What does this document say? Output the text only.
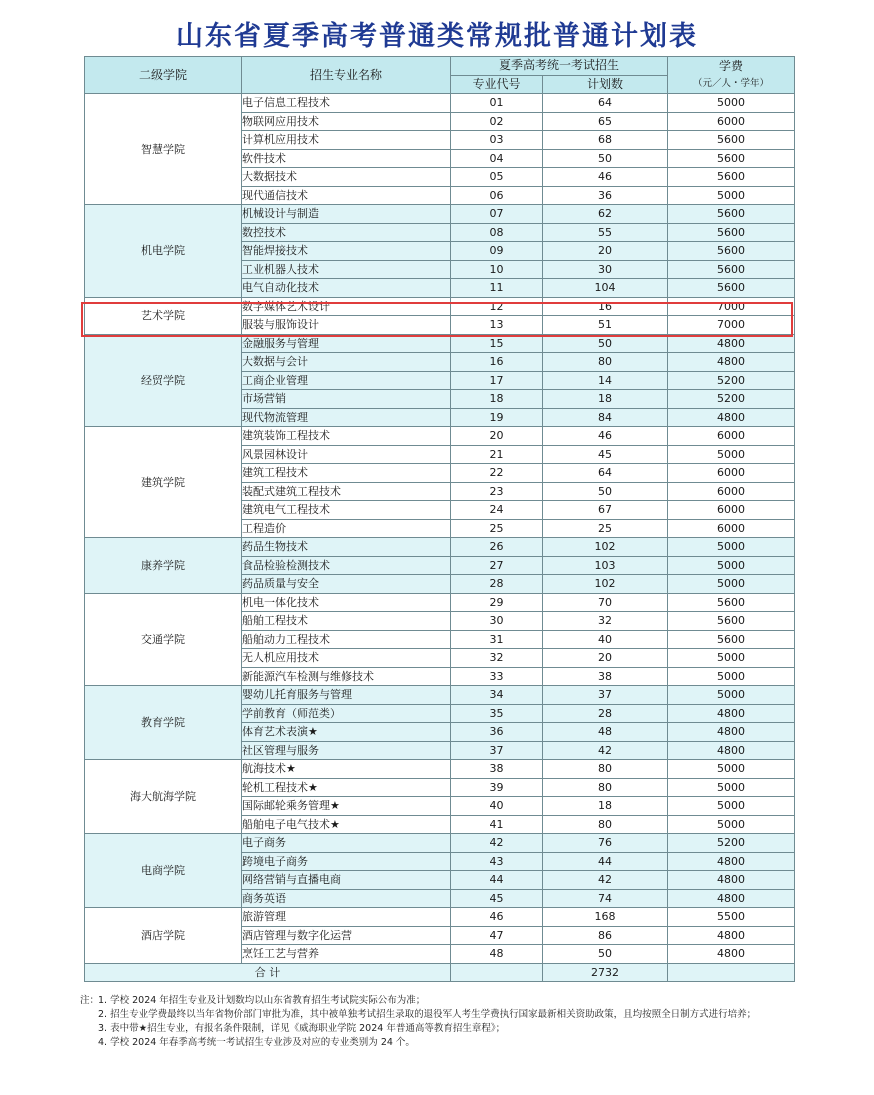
山东省夏季高考普通类常规批普通计划表
二级学院	招生专业名称	夏季高考统一考试招生		学费
（元／人・学年）

		专业代号	计划数	
智慧学院	电子信息工程技术	01	64	5000
	物联网应用技术	02	65	6000
	计算机应用技术	03	68	5600
	软件技术	04	50	5600
	大数据技术	05	46	5600
	现代通信技术	06	36	5000
机电学院	机械设计与制造	07	62	5600
	数控技术	08	55	5600
	智能焊接技术	09	20	5600
	工业机器人技术	10	30	5600
	电气自动化技术	11	104	5600
艺术学院	数字媒体艺术设计	12	16	7000
	服装与服饰设计	13	51	7000
经贸学院	金融服务与管理	15	50	4800
	大数据与会计	16	80	4800
	工商企业管理	17	14	5200
	市场营销	18	18	5200
	现代物流管理	19	84	4800
建筑学院	建筑装饰工程技术	20	46	6000
	风景园林设计	21	45	5000
	建筑工程技术	22	64	6000
	装配式建筑工程技术	23	50	6000
	建筑电气工程技术	24	67	6000
	工程造价	25	25	6000
康养学院	药品生物技术	26	102	5000
	食品检验检测技术	27	103	5000
	药品质量与安全	28	102	5000
交通学院	机电一体化技术	29	70	5600
	船舶工程技术	30	32	5600
	船舶动力工程技术	31	40	5600
	无人机应用技术	32	20	5000
	新能源汽车检测与维修技术	33	38	5000
教育学院	婴幼儿托育服务与管理	34	37	5000
	学前教育（师范类）	35	28	4800
	体育艺术表演★	36	48	4800
	社区管理与服务	37	42	4800
海大航海学院	航海技术★	38	80	5000
	轮机工程技术★	39	80	5000
	国际邮轮乘务管理★	40	18	5000
	船舶电子电气技术★	41	80	5000
电商学院	电子商务	42	76	5200
	跨境电子商务	43	44	4800
	网络营销与直播电商	44	42	4800
	商务英语	45	74	4800
酒店学院	旅游管理	46	168	5500
	酒店管理与数字化运营	47	86	4800
	烹饪工艺与营养	48	50	4800
合 计			2732	
注：1. 学校 2024 年招生专业及计划数均以山东省教育招生考试院实际公布为准；
2. 招生专业学费最终以当年省物价部门审批为准，其中被单独考试招生录取的退役军人考生学费执行国家最新相关资助政策，且均按照全日制方式进行培养；
3. 表中带★招生专业，有报名条件限制，详见《威海职业学院 2024 年普通高等教育招生章程》；
4. 学校 2024 年春季高考统一考试招生专业涉及对应的专业类别为 24 个。
